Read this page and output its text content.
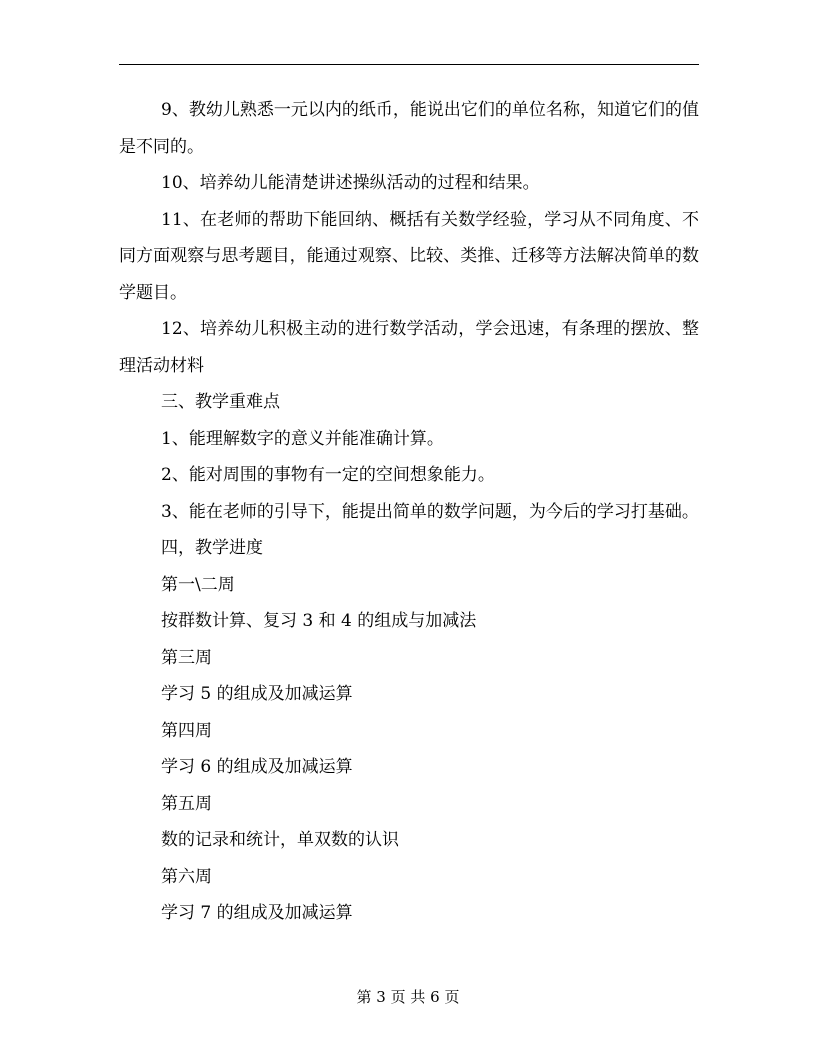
9、教幼儿熟悉一元以内的纸币，能说出它们的单位名称，知道它们的值是不同的。

10、培养幼儿能清楚讲述操纵活动的过程和结果。

11、在老师的帮助下能回纳、概括有关数学经验，学习从不同角度、不同方面观察与思考题目，能通过观察、比较、类推、迁移等方法解决简单的数学题目。

12、培养幼儿积极主动的进行数学活动，学会迅速，有条理的摆放、整理活动材料

三、教学重难点

1、能理解数字的意义并能准确计算。

2、能对周围的事物有一定的空间想象能力。

3、能在老师的引导下，能提出简单的数学问题，为今后的学习打基础。

四，教学进度

第一\二周

按群数计算、复习 3 和 4 的组成与加减法

第三周

学习 5 的组成及加减运算

第四周

学习 6 的组成及加减运算

第五周

数的记录和统计，单双数的认识

第六周

学习 7 的组成及加减运算

第 3 页 共 6 页
